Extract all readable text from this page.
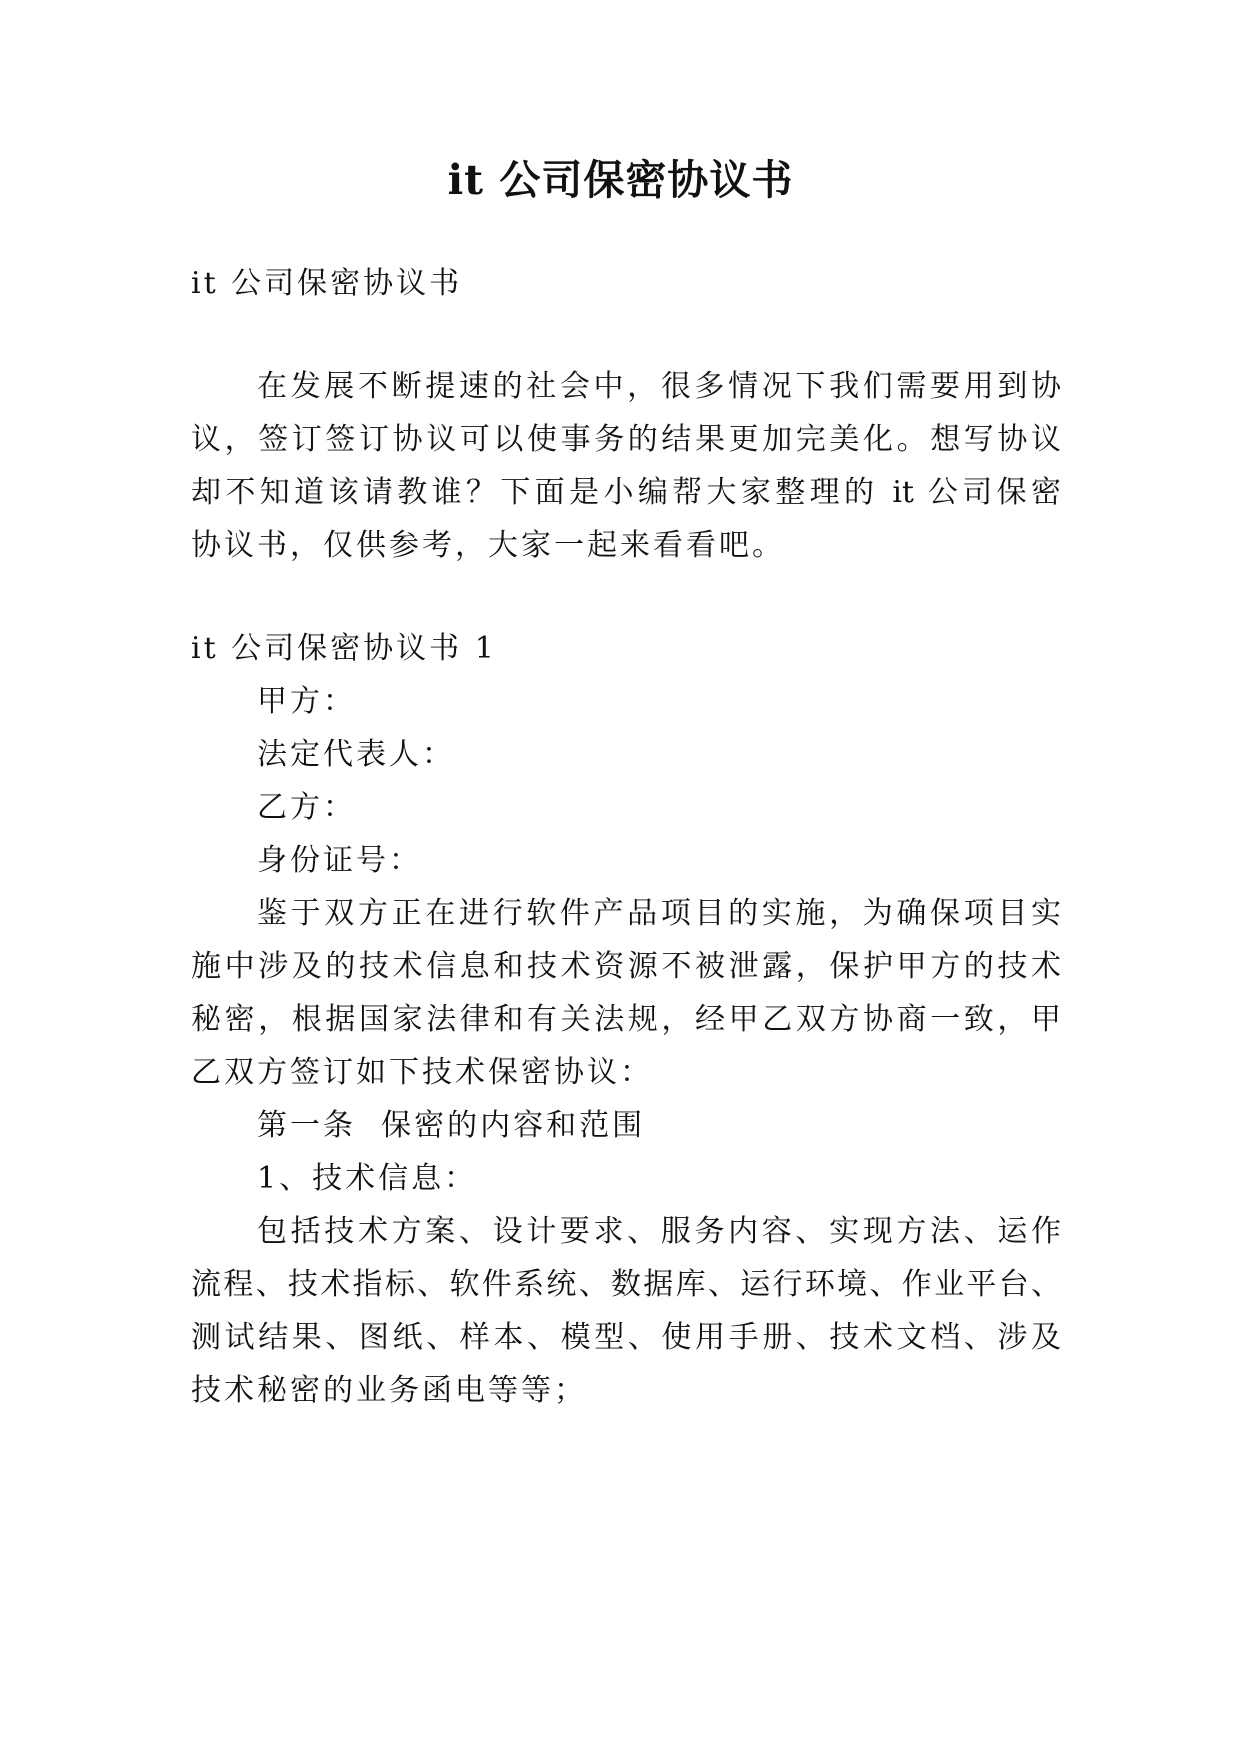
it 公司保密协议书

it 公司保密协议书

在发展不断提速的社会中，很多情况下我们需要用到协

议，签订签订协议可以使事务的结果更加完美化。想写协议

却不知道该请教谁？下面是小编帮大家整理的 it 公司保密

协议书，仅供参考，大家一起来看看吧。

it 公司保密协议书 1

甲方：

法定代表人：

乙方：

身份证号：

鉴于双方正在进行软件产品项目的实施，为确保项目实

施中涉及的技术信息和技术资源不被泄露，保护甲方的技术

秘密，根据国家法律和有关法规，经甲乙双方协商一致，甲

乙双方签订如下技术保密协议：

第一条  保密的内容和范围

1、技术信息：

包括技术方案、设计要求、服务内容、实现方法、运作

流程、技术指标、软件系统、数据库、运行环境、作业平台、

测试结果、图纸、样本、模型、使用手册、技术文档、涉及

技术秘密的业务函电等等；
